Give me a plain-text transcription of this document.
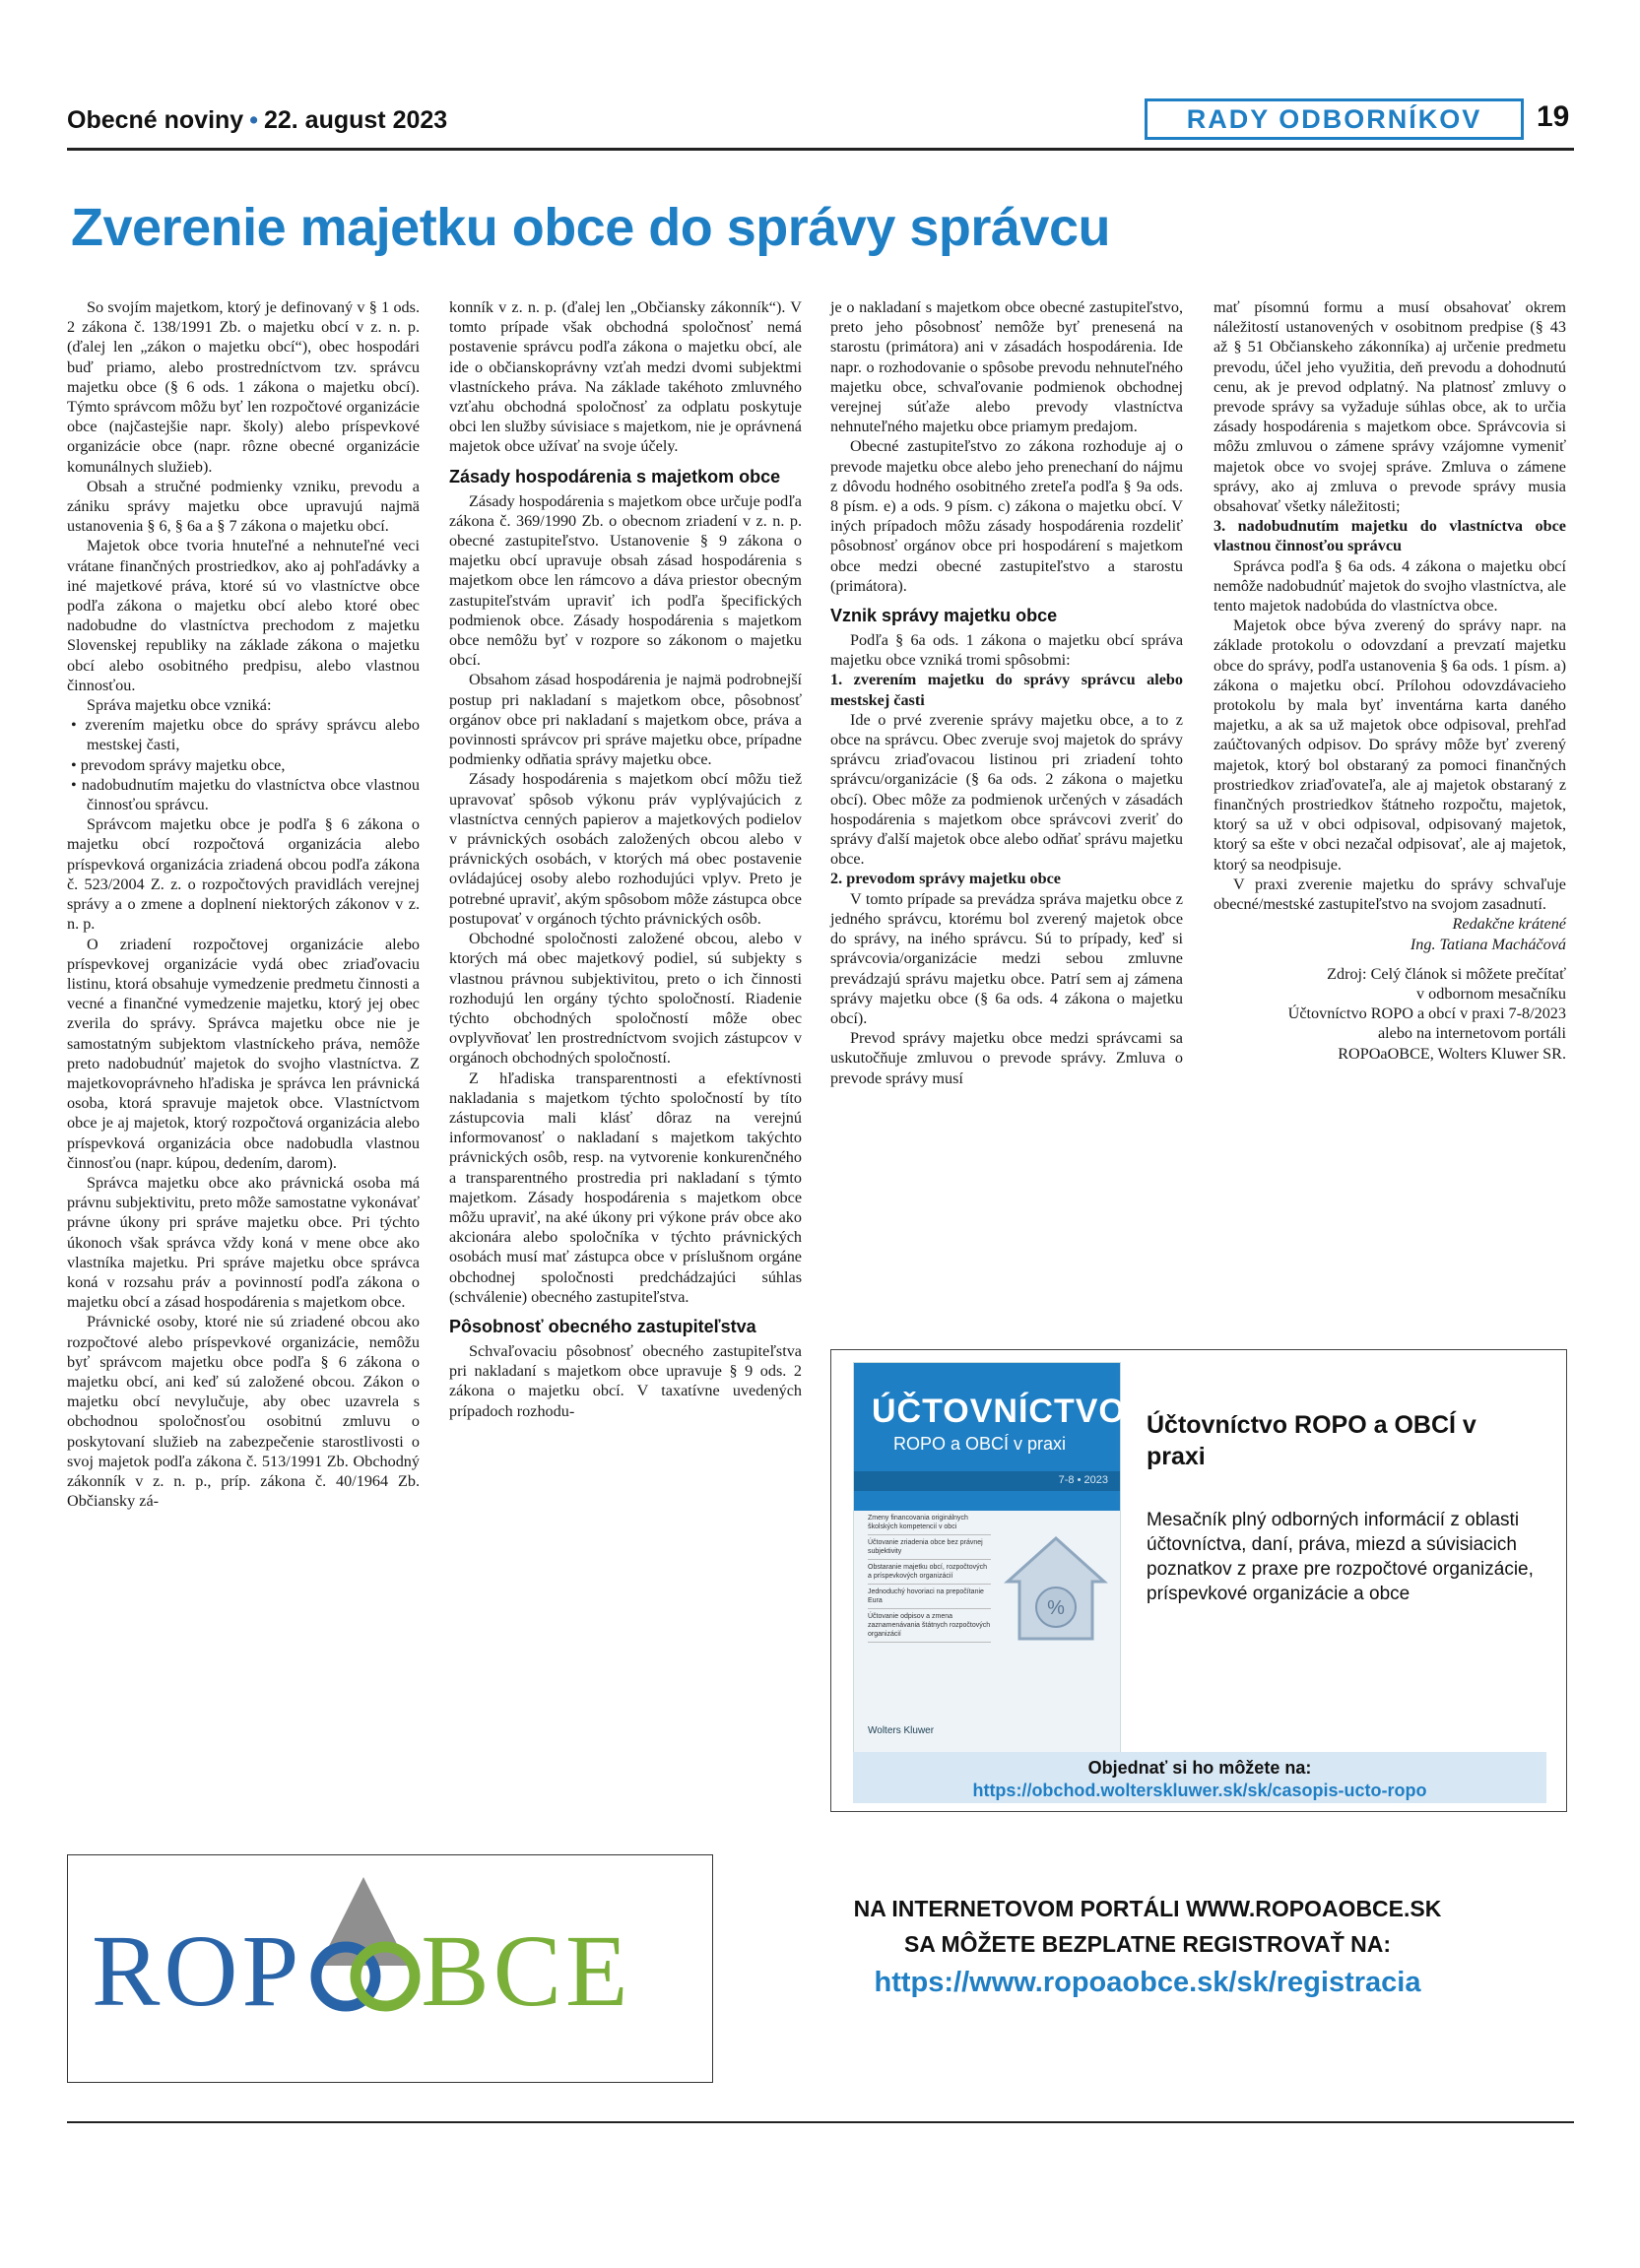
Obecné noviny • 22. august 2023	RADY ODBORNÍKOV	19
Zverenie majetku obce do správy správcu

So svojím majetkom, ktorý je definovaný v § 1 ods. 2 zákona č. 138/1991 Zb. o majetku obcí v z. n. p. (ďalej len „zákon o majetku obcí“), obec hospodári buď priamo, alebo prostredníctvom tzv. správcu majetku obce (§ 6 ods. 1 zákona o majetku obcí). Týmto správcom môžu byť len rozpočtové organizácie obce (najčastejšie napr. školy) alebo príspevkové organizácie obce (napr. rôzne obecné organizácie komunálnych služieb).

Obsah a stručné podmienky vzniku, prevodu a zániku správy majetku obce upravujú najmä ustanovenia § 6, § 6a a § 7 zákona o majetku obcí.

Majetok obce tvoria hnuteľné a nehnuteľné veci vrátane finančných prostriedkov, ako aj pohľadávky a iné majetkové práva, ktoré sú vo vlastníctve obce podľa zákona o majetku obcí alebo ktoré obec nadobudne do vlastníctva prechodom z majetku Slovenskej republiky na základe zákona o majetku obcí alebo osobitného predpisu, alebo vlastnou činnosťou.

Správa majetku obce vzniká:

• zverením majetku obce do správy správcu alebo mestskej časti,

• prevodom správy majetku obce,

• nadobudnutím majetku do vlastníctva obce vlastnou činnosťou správcu.

Správcom majetku obce je podľa § 6 zákona o majetku obcí rozpočtová organizácia alebo príspevková organizácia zriadená obcou podľa zákona č. 523/2004 Z. z. o rozpočtových pravidlách verejnej správy a o zmene a doplnení niektorých zákonov v z. n. p.

O zriadení rozpočtovej organizácie alebo príspevkovej organizácie vydá obec zriaďovaciu listinu, ktorá obsahuje vymedzenie predmetu činnosti a vecné a finančné vymedzenie majetku, ktorý jej obec zverila do správy. Správca majetku obce nie je samostatným subjektom vlastníckeho práva, nemôže preto nadobudnúť majetok do svojho vlastníctva. Z majetkovoprávneho hľadiska je správca len právnická osoba, ktorá spravuje majetok obce. Vlastníctvom obce je aj majetok, ktorý rozpočtová organizácia alebo príspevková organizácia obce nadobudla vlastnou činnosťou (napr. kúpou, dedením, darom).

Správca majetku obce ako právnická osoba má právnu subjektivitu, preto môže samostatne vykonávať právne úkony pri správe majetku obce. Pri týchto úkonoch však správca vždy koná v mene obce ako vlastníka majetku. Pri správe majetku obce správca koná v rozsahu práv a povinností podľa zákona o majetku obcí a zásad hospodárenia s majetkom obce.

Právnické osoby, ktoré nie sú zriadené obcou ako rozpočtové alebo príspevkové organizácie, nemôžu byť správcom majetku obce podľa § 6 zákona o majetku obcí, ani keď sú založené obcou. Zákon o majetku obcí nevylučuje, aby obec uzavrela s obchodnou spoločnosťou osobitnú zmluvu o poskytovaní služieb na zabezpečenie starostlivosti o svoj majetok podľa zákona č. 513/1991 Zb. Obchodný zákonník v z. n. p., príp. zákona č. 40/1964 Zb. Občiansky zá-

konník v z. n. p. (ďalej len „Občiansky zákonník“). V tomto prípade však obchodná spoločnosť nemá postavenie správcu podľa zákona o majetku obcí, ale ide o občianskoprávny vzťah medzi dvomi subjektmi vlastníckeho práva. Na základe takéhoto zmluvného vzťahu obchodná spoločnosť za odplatu poskytuje obci len služby súvisiace s majetkom, nie je oprávnená majetok obce užívať na svoje účely.

Zásady hospodárenia s majetkom obce

Zásady hospodárenia s majetkom obce určuje podľa zákona č. 369/1990 Zb. o obecnom zriadení v z. n. p. obecné zastupiteľstvo. Ustanovenie § 9 zákona o majetku obcí upravuje obsah zásad hospodárenia s majetkom obce len rámcovo a dáva priestor obecným zastupiteľstvám upraviť ich podľa špecifických podmienok obce. Zásady hospodárenia s majetkom obce nemôžu byť v rozpore so zákonom o majetku obcí.

Obsahom zásad hospodárenia je najmä podrobnejší postup pri nakladaní s majetkom obce, pôsobnosť orgánov obce pri nakladaní s majetkom obce, práva a povinnosti správcov pri správe majetku obce, prípadne podmienky odňatia správy majetku obce.

Zásady hospodárenia s majetkom obcí môžu tiež upravovať spôsob výkonu práv vyplývajúcich z vlastníctva cenných papierov a majetkových podielov v právnických osobách založených obcou alebo v právnických osobách, v ktorých má obec postavenie ovládajúcej osoby alebo rozhodujúci vplyv. Preto je potrebné upraviť, akým spôsobom môže zástupca obce postupovať v orgánoch týchto právnických osôb.

Obchodné spoločnosti založené obcou, alebo v ktorých má obec majetkový podiel, sú subjekty s vlastnou právnou subjektivitou, preto o ich činnosti rozhodujú len orgány týchto spoločností. Riadenie týchto obchodných spoločností môže obec ovplyvňovať len prostredníctvom svojich zástupcov v orgánoch obchodných spoločností.

Z hľadiska transparentnosti a efektívnosti nakladania s majetkom týchto spoločností by títo zástupcovia mali klásť dôraz na verejnú informovanosť o nakladaní s majetkom takýchto právnických osôb, resp. na vytvorenie konkurenčného a transparentného prostredia pri nakladaní s týmto majetkom. Zásady hospodárenia s majetkom obce môžu upraviť, na aké úkony pri výkone práv obce ako akcionára alebo spoločníka v týchto právnických osobách musí mať zástupca obce v príslušnom orgáne obchodnej spoločnosti predchádzajúci súhlas (schválenie) obecného zastupiteľstva.

Pôsobnosť obecného zastupiteľstva

Schvaľovaciu pôsobnosť obecného zastupiteľstva pri nakladaní s majetkom obce upravuje § 9 ods. 2 zákona o majetku obcí. V taxatívne uvedených prípadoch rozhodu-

je o nakladaní s majetkom obce obecné zastupiteľstvo, preto jeho pôsobnosť nemôže byť prenesená na starostu (primátora) ani v zásadách hospodárenia. Ide napr. o rozhodovanie o spôsobe prevodu nehnuteľného majetku obce, schvaľovanie podmienok obchodnej verejnej súťaže alebo prevody vlastníctva nehnuteľného majetku obce priamym predajom.

Obecné zastupiteľstvo zo zákona rozhoduje aj o prevode majetku obce alebo jeho prenechaní do nájmu z dôvodu hodného osobitného zreteľa podľa § 9a ods. 8 písm. e) a ods. 9 písm. c) zákona o majetku obcí. V iných prípadoch môžu zásady hospodárenia rozdeliť pôsobnosť orgánov obce pri hospodárení s majetkom obce medzi obecné zastupiteľstvo a starostu (primátora).

Vznik správy majetku obce

Podľa § 6a ods. 1 zákona o majetku obcí správa majetku obce vzniká tromi spôsobmi:

1. zverením majetku do správy správcu alebo mestskej časti

Ide o prvé zverenie správy majetku obce, a to z obce na správcu. Obec zveruje svoj majetok do správy správcu zriaďovacou listinou pri zriadení tohto správcu/organizácie (§ 6a ods. 2 zákona o majetku obcí). Obec môže za podmienok určených v zásadách hospodárenia s majetkom obce správcovi zveriť do správy ďalší majetok obce alebo odňať správu majetku obce.

2. prevodom správy majetku obce

V tomto prípade sa prevádza správa majetku obce z jedného správcu, ktorému bol zverený majetok obce do správy, na iného správcu. Sú to prípady, keď si správcovia/organizácie medzi sebou zmluvne prevádzajú správu majetku obce. Patrí sem aj zámena správy majetku obce (§ 6a ods. 4 zákona o majetku obcí).

Prevod správy majetku obce medzi správcami sa uskutočňuje zmluvou o prevode správy. Zmluva o prevode správy musí

mať písomnú formu a musí obsahovať okrem náležitostí ustanovených v osobitnom predpise (§ 43 až § 51 Občianskeho zákonníka) aj určenie predmetu prevodu, účel jeho využitia, deň prevodu a dohodnutú cenu, ak je prevod odplatný. Na platnosť zmluvy o prevode správy sa vyžaduje súhlas obce, ak to určia zásady hospodárenia s majetkom obce. Správcovia si môžu zmluvou o zámene správy vzájomne vymeniť majetok obce vo svojej správe. Zmluva o zámene správy, ako aj zmluva o prevode správy musia obsahovať všetky náležitosti;

3. nadobudnutím majetku do vlastníctva obce vlastnou činnosťou správcu

Správca podľa § 6a ods. 4 zákona o majetku obcí nemôže nadobudnúť majetok do svojho vlastníctva, ale tento majetok nadobúda do vlastníctva obce.

Majetok obce býva zverený do správy napr. na základe protokolu o odovzdaní a prevzatí majetku obce do správy, podľa ustanovenia § 6a ods. 1 písm. a) zákona o majetku obcí. Prílohou odovzdávacieho protokolu by mala byť inventárna karta daného majetku, a ak sa už majetok obce odpisoval, prehľad zaúčtovaných odpisov. Do správy môže byť zverený majetok, ktorý bol obstaraný za pomoci finančných prostriedkov zriaďovateľa, ale aj majetok obstaraný z finančných prostriedkov štátneho rozpočtu, majetok, ktorý sa už v obci odpisoval, odpisovaný majetok, ktorý sa ešte v obci nezačal odpisovať, ale aj majetok, ktorý sa neodpisuje.

V praxi zverenie majetku do správy schvaľuje obecné/mestské zastupiteľstvo na svojom zasadnutí.

Redakčne krátené

Ing. Tatiana Macháčová

Zdroj: Celý článok si môžete prečítať

v odbornom mesačníku

Účtovníctvo ROPO a obcí v praxi 7-8/2023

alebo na internetovom portáli

ROPOaOBCE, Wolters Kluwer SR.

ÚČTOVNÍCTVO
ROPO a OBCÍ v praxi
7-8 • 2023
Zmeny financovania originálnych školských kompetencií v obci
Účtovanie zriadenia obce bez právnej subjektivity
Obstaranie majetku obcí, rozpočtových a príspevkových organizácií
Jednoduchý hovoriaci na prepočítanie Eura
Účtovanie odpisov a zmena zaznamenávania štátnych rozpočtových organizácií
%
Wolters Kluwer
Účtovníctvo ROPO a OBCÍ v praxi
Mesačník plný odborných informácií z oblasti účtovníctva, daní, práva, miezd a súvisiacich poznatkov z praxe pre rozpočtové organizácie, príspevkové organizácie a obce
Objednať si ho môžete na:
https://obchod.wolterskluwer.sk/sk/casopis-ucto-ropo
ROP BCE
NA INTERNETOVOM PORTÁLI WWW.ROPOAOBCE.SK
SA MÔŽETE BEZPLATNE REGISTROVAŤ NA:
https://www.ropoaobce.sk/sk/registracia
